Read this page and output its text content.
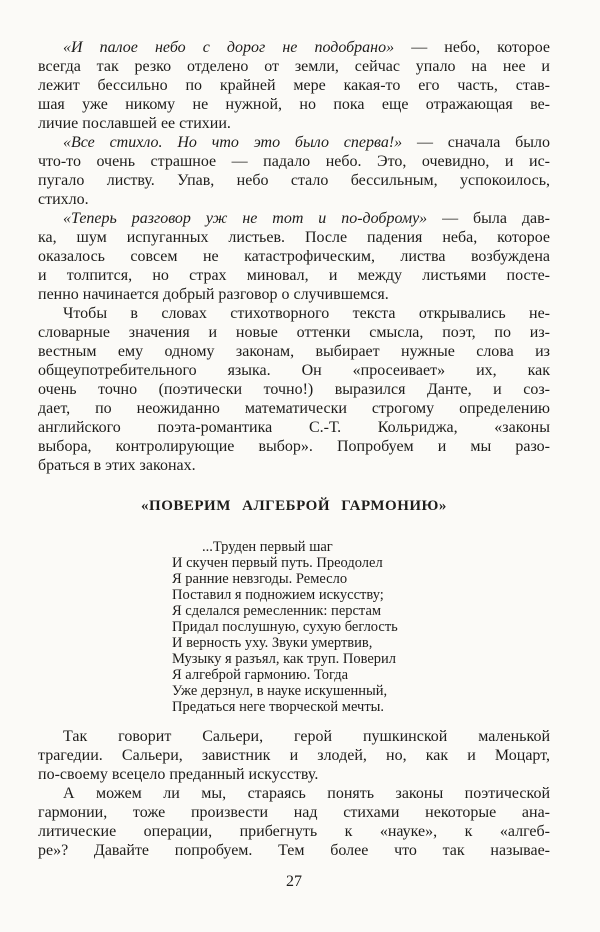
«И палое небо с дорог не подобрано» — небо, которое
всегда так резко отделено от земли, сейчас упало на нее и
лежит бессильно по крайней мере какая-то его часть, став-
шая уже никому не нужной, но пока еще отражающая ве-
личие пославшей ее стихии.
«Все стихло. Но что это было сперва!» — сначала было
что-то очень страшное — падало небо. Это, очевидно, и ис-
пугало листву. Упав, небо стало бессильным, успокоилось,
стихло.
«Теперь разговор уж не тот и по-доброму» — была дав-
ка, шум испуганных листьев. После падения неба, которое
оказалось совсем не катастрофическим, листва возбуждена
и толпится, но страх миновал, и между листьями посте-
пенно начинается добрый разговор о случившемся.
Чтобы в словах стихотворного текста открывались не-
словарные значения и новые оттенки смысла, поэт, по из-
вестным ему одному законам, выбирает нужные слова из
общеупотребительного языка. Он «просеивает» их, как
очень точно (поэтически точно!) выразился Данте, и соз-
дает, по неожиданно математически строгому определению
английского поэта-романтика С.-Т. Кольриджа, «законы
выбора, контролирующие выбор». Попробуем и мы разо-
браться в этих законах.
«ПОВЕРИМ АЛГЕБРОЙ ГАРМОНИЮ»
...Труден первый шаг
И скучен первый путь. Преодолел
Я ранние невзгоды. Ремесло
Поставил я подножием искусству;
Я сделался ремесленник: перстам
Придал послушную, сухую беглость
И верность уху. Звуки умертвив,
Музыку я разъял, как труп. Поверил
Я алгеброй гармонию. Тогда
Уже дерзнул, в науке искушенный,
Предаться неге творческой мечты.
Так говорит Сальери, герой пушкинской маленькой
трагедии. Сальери, завистник и злодей, но, как и Моцарт,
по-своему всецело преданный искусству.
А можем ли мы, стараясь понять законы поэтической
гармонии, тоже произвести над стихами некоторые ана-
литические операции, прибегнуть к «науке», к «алгеб-
ре»? Давайте попробуем. Тем более что так называе-
27
